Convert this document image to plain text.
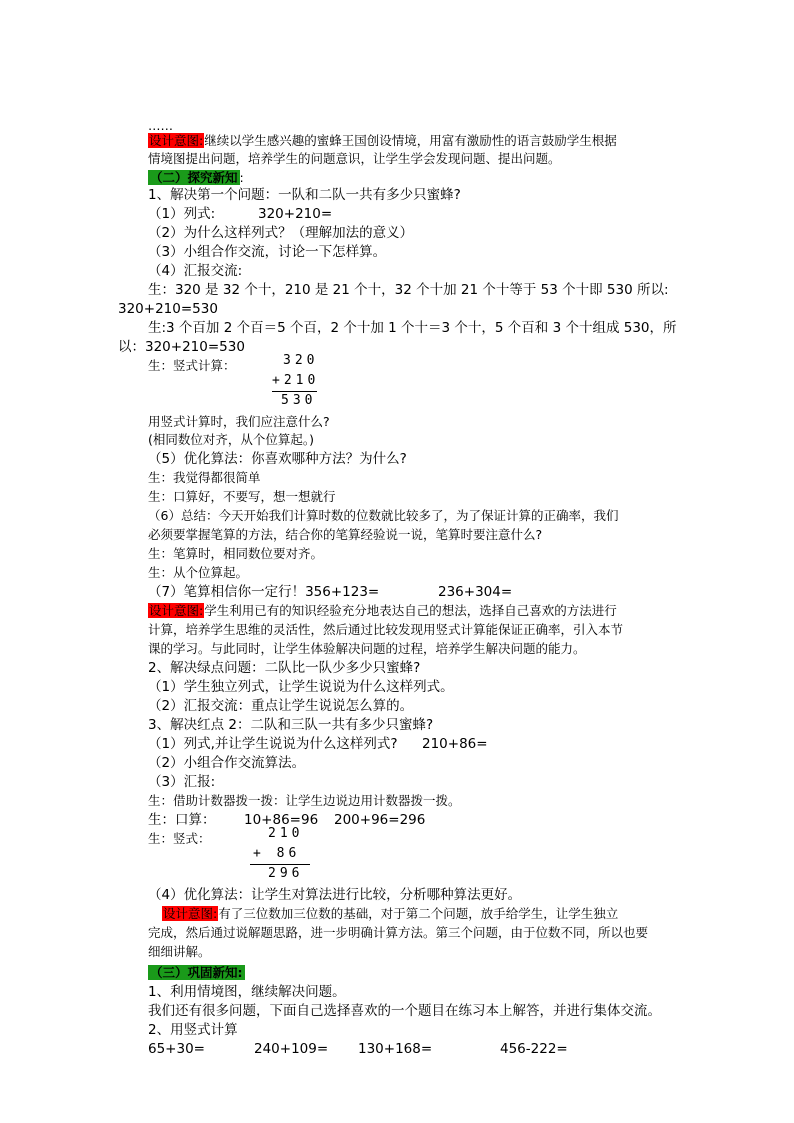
……
设计意图:继续以学生感兴趣的蜜蜂王国创设情境，用富有激励性的语言鼓励学生根据
情境图提出问题，培养学生的问题意识，让学生学会发现问题、提出问题。
（二）探究新知 :
1、解决第一个问题：一队和二队一共有多少只蜜蜂?
（1）列式:	320+210=
（2）为什么这样列式？（理解加法的意义）
（3）小组合作交流，讨论一下怎样算。
（4）汇报交流:
生：320 是 32 个十，210 是 21 个十，32 个十加 21 个十等于 53 个十即 530 所以:
320+210=530
生:3 个百加 2 个百＝5 个百，2 个十加 1 个十＝3 个十，5 个百和 3 个十组成 530，所
以：320+210=530
生：竖式计算：	320
+210
530
用竖式计算时，我们应注意什么?
(相同数位对齐，从个位算起。)
（5）优化算法：你喜欢哪种方法？为什么?
生：我觉得都很简单
生：口算好，不要写，想一想就行
（6）总结：今天开始我们计算时数的位数就比较多了，为了保证计算的正确率，我们
必须要掌握笔算的方法，结合你的笔算经验说一说，笔算时要注意什么?
生：笔算时，相同数位要对齐。
生：从个位算起。
（7）笔算相信你一定行！356+123=	236+304=
设计意图:学生利用已有的知识经验充分地表达自己的想法，选择自己喜欢的方法进行
计算，培养学生思维的灵活性，然后通过比较发现用竖式计算能保证正确率，引入本节
课的学习。与此同时，让学生体验解决问题的过程，培养学生解决问题的能力。
2、解决绿点问题：二队比一队少多少只蜜蜂?
（1）学生独立列式，让学生说说为什么这样列式。
（2）汇报交流：重点让学生说说怎么算的。
3、解决红点 2：二队和三队一共有多少只蜜蜂?
（1）列式,并让学生说说为什么这样列式? 210+86=
（2）小组合作交流算法。
（3）汇报:
生：借助计数器拨一拨：让学生边说边用计数器拨一拨。
生：口算： 10+86=96 200+96=296
生：竖式：	210
+ 86
296
（4）优化算法：让学生对算法进行比较，分析哪种算法更好。
设计意图:有了三位数加三位数的基础，对于第二个问题，放手给学生，让学生独立
完成，然后通过说解题思路，进一步明确计算方法。第三个问题，由于位数不同，所以也要
细细讲解。
（三）巩固新知:
1、利用情境图，继续解决问题。
我们还有很多问题，下面自己选择喜欢的一个题目在练习本上解答，并进行集体交流。
2、用竖式计算
65+30=	240+109= 130+168=	456-222=
